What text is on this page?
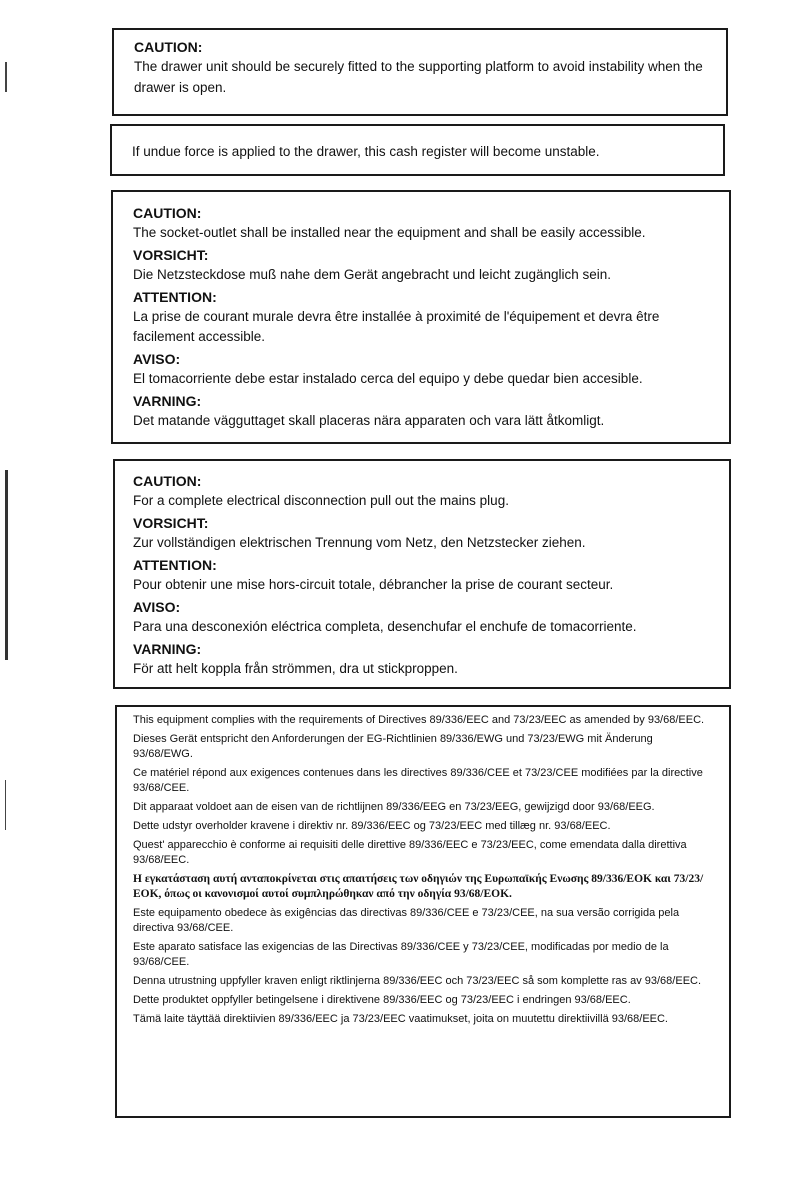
CAUTION:

The drawer unit should be securely fitted to the supporting platform to avoid instability when the drawer is open.

If undue force is applied to the drawer, this cash register will become unstable.

CAUTION:

The socket-outlet shall be installed near the equipment and shall be easily accessible.

VORSICHT:

Die Netzsteckdose muß nahe dem Gerät angebracht und leicht zugänglich sein.

ATTENTION:

La prise de courant murale devra être installée à proximité de l'équipement et devra être facilement accessible.

AVISO:

El tomacorriente debe estar instalado cerca del equipo y debe quedar bien accesible.

VARNING:

Det matande vägguttaget skall placeras nära apparaten och vara lätt åtkomligt.

CAUTION:

For a complete electrical disconnection pull out the mains plug.

VORSICHT:

Zur vollständigen elektrischen Trennung vom Netz, den Netzstecker ziehen.

ATTENTION:

Pour obtenir une mise hors-circuit totale, débrancher la prise de courant secteur.

AVISO:

Para una desconexión eléctrica completa, desenchufar el enchufe de tomacorriente.

VARNING:

För att helt koppla från strömmen, dra ut stickproppen.

This equipment complies with the requirements of Directives 89/336/EEC and 73/23/EEC as amended by 93/68/EEC.

Dieses Gerät entspricht den Anforderungen der EG-Richtlinien 89/336/EWG und 73/23/EWG mit Änderung 93/68/EWG.

Ce matériel répond aux exigences contenues dans les directives 89/336/CEE et 73/23/CEE modifiées par la directive 93/68/CEE.

Dit apparaat voldoet aan de eisen van de richtlijnen 89/336/EEG en 73/23/EEG, gewijzigd door 93/68/EEG.

Dette udstyr overholder kravene i direktiv nr. 89/336/EEC og 73/23/EEC med tillæg nr. 93/68/EEC.

Quest' apparecchio è conforme ai requisiti delle direttive 89/336/EEC e 73/23/EEC, come emendata dalla direttiva 93/68/EEC.

Η εγκατάσταση αυτή ανταποκρίνεται στις απαιτήσεις των οδηγιών της Ευρωπαϊκής Ενωσης 89/336/ΕΟΚ και 73/23/ΕΟΚ, όπως οι κανονισμοί αυτοί συμπληρώθηκαν από την οδηγία 93/68/ΕΟΚ.

Este equipamento obedece às exigências das directivas 89/336/CEE e 73/23/CEE, na sua versão corrigida pela directiva 93/68/CEE.

Este aparato satisface las exigencias de las Directivas 89/336/CEE y 73/23/CEE, modificadas por medio de la 93/68/CEE.

Denna utrustning uppfyller kraven enligt riktlinjerna 89/336/EEC och 73/23/EEC så som komplette ras av 93/68/EEC.

Dette produktet oppfyller betingelsene i direktivene 89/336/EEC og 73/23/EEC i endringen 93/68/EEC.

Tämä laite täyttää direktiivien 89/336/EEC ja 73/23/EEC vaatimukset, joita on muutettu direktiivillä 93/68/EEC.
